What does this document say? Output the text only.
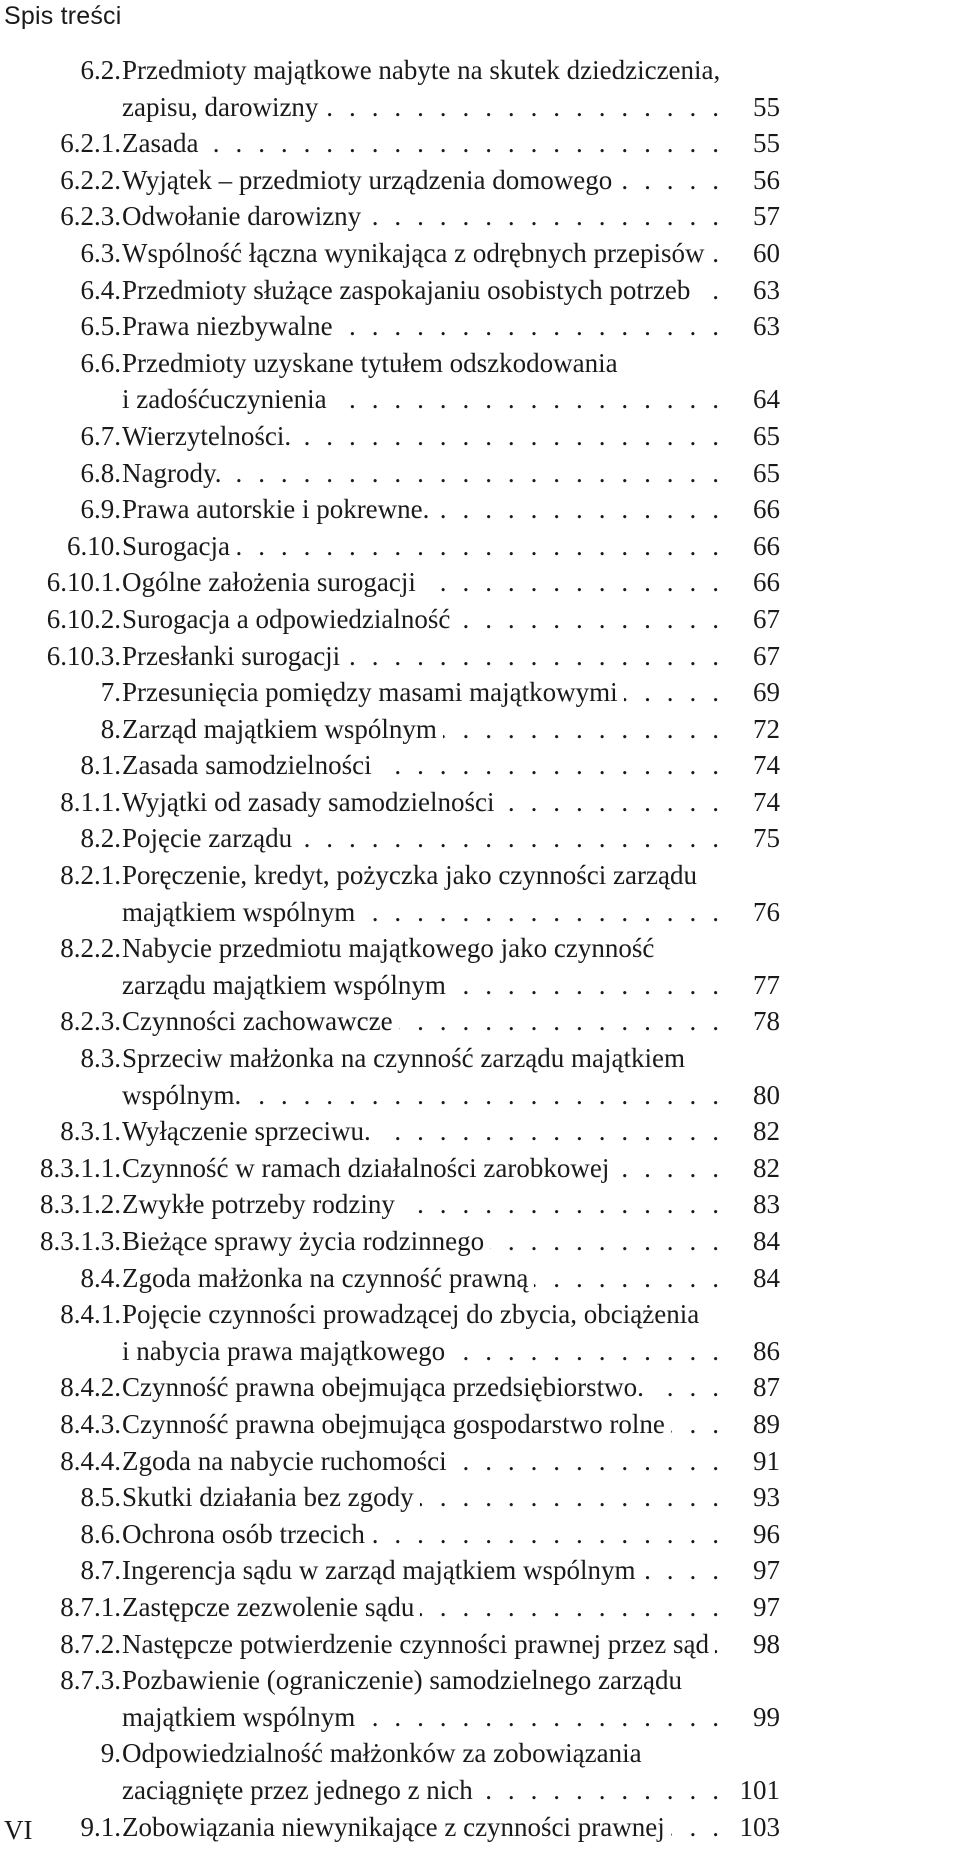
Spis treści
6.2. Przedmioty majątkowe nabyte na skutek dziedziczenia,
zapisu, darowizny . . .	55
6.2.1. Zasada . . .	55
6.2.2. Wyjątek – przedmioty urządzenia domowego . . .	56
6.2.3. Odwołanie darowizny . . .	57
6.3. Wspólność łączna wynikająca z odrębnych przepisów . . .	60
6.4. Przedmioty służące zaspokajaniu osobistych potrzeb . . .	63
6.5. Prawa niezbywalne . . .	63
6.6. Przedmioty uzyskane tytułem odszkodowania
i zadośćuczynienia . . .	64
6.7. Wierzytelności. . . .	65
6.8. Nagrody. . . .	65
6.9. Prawa autorskie i pokrewne. . . .	66
6.10. Surogacja . . .	66
6.10.1. Ogólne założenia surogacji . . .	66
6.10.2. Surogacja a odpowiedzialność . . .	67
6.10.3. Przesłanki surogacji . . .	67
7. Przesunięcia pomiędzy masami majątkowymi . . .	69
8. Zarząd majątkiem wspólnym . . .	72
8.1. Zasada samodzielności . . .	74
8.1.1. Wyjątki od zasady samodzielności . . .	74
8.2. Pojęcie zarządu . . .	75
8.2.1. Poręczenie, kredyt, pożyczka jako czynności zarządu
majątkiem wspólnym . . .	76
8.2.2. Nabycie przedmiotu majątkowego jako czynność
zarządu majątkiem wspólnym . . .	77
8.2.3. Czynności zachowawcze . . .	78
8.3. Sprzeciw małżonka na czynność zarządu majątkiem
wspólnym. . . .	80
8.3.1. Wyłączenie sprzeciwu. . . .	82
8.3.1.1. Czynność w ramach działalności zarobkowej . . .	82
8.3.1.2. Zwykłe potrzeby rodziny . . .	83
8.3.1.3. Bieżące sprawy życia rodzinnego . . .	84
8.4. Zgoda małżonka na czynność prawną . . .	84
8.4.1. Pojęcie czynności prowadzącej do zbycia, obciążenia
i nabycia prawa majątkowego . . .	86
8.4.2. Czynność prawna obejmująca przedsiębiorstwo. . . .	87
8.4.3. Czynność prawna obejmująca gospodarstwo rolne . . .	89
8.4.4. Zgoda na nabycie ruchomości . . .	91
8.5. Skutki działania bez zgody . . .	93
8.6. Ochrona osób trzecich . . .	96
8.7. Ingerencja sądu w zarząd majątkiem wspólnym . . .	97
8.7.1. Zastępcze zezwolenie sądu . . .	97
8.7.2. Następcze potwierdzenie czynności prawnej przez sąd . . .	98
8.7.3. Pozbawienie (ograniczenie) samodzielnego zarządu
majątkiem wspólnym . . .	99
9. Odpowiedzialność małżonków za zobowiązania
zaciągnięte przez jednego z nich . . .	101
9.1. Zobowiązania niewynikające z czynności prawnej . . .	103
VI
